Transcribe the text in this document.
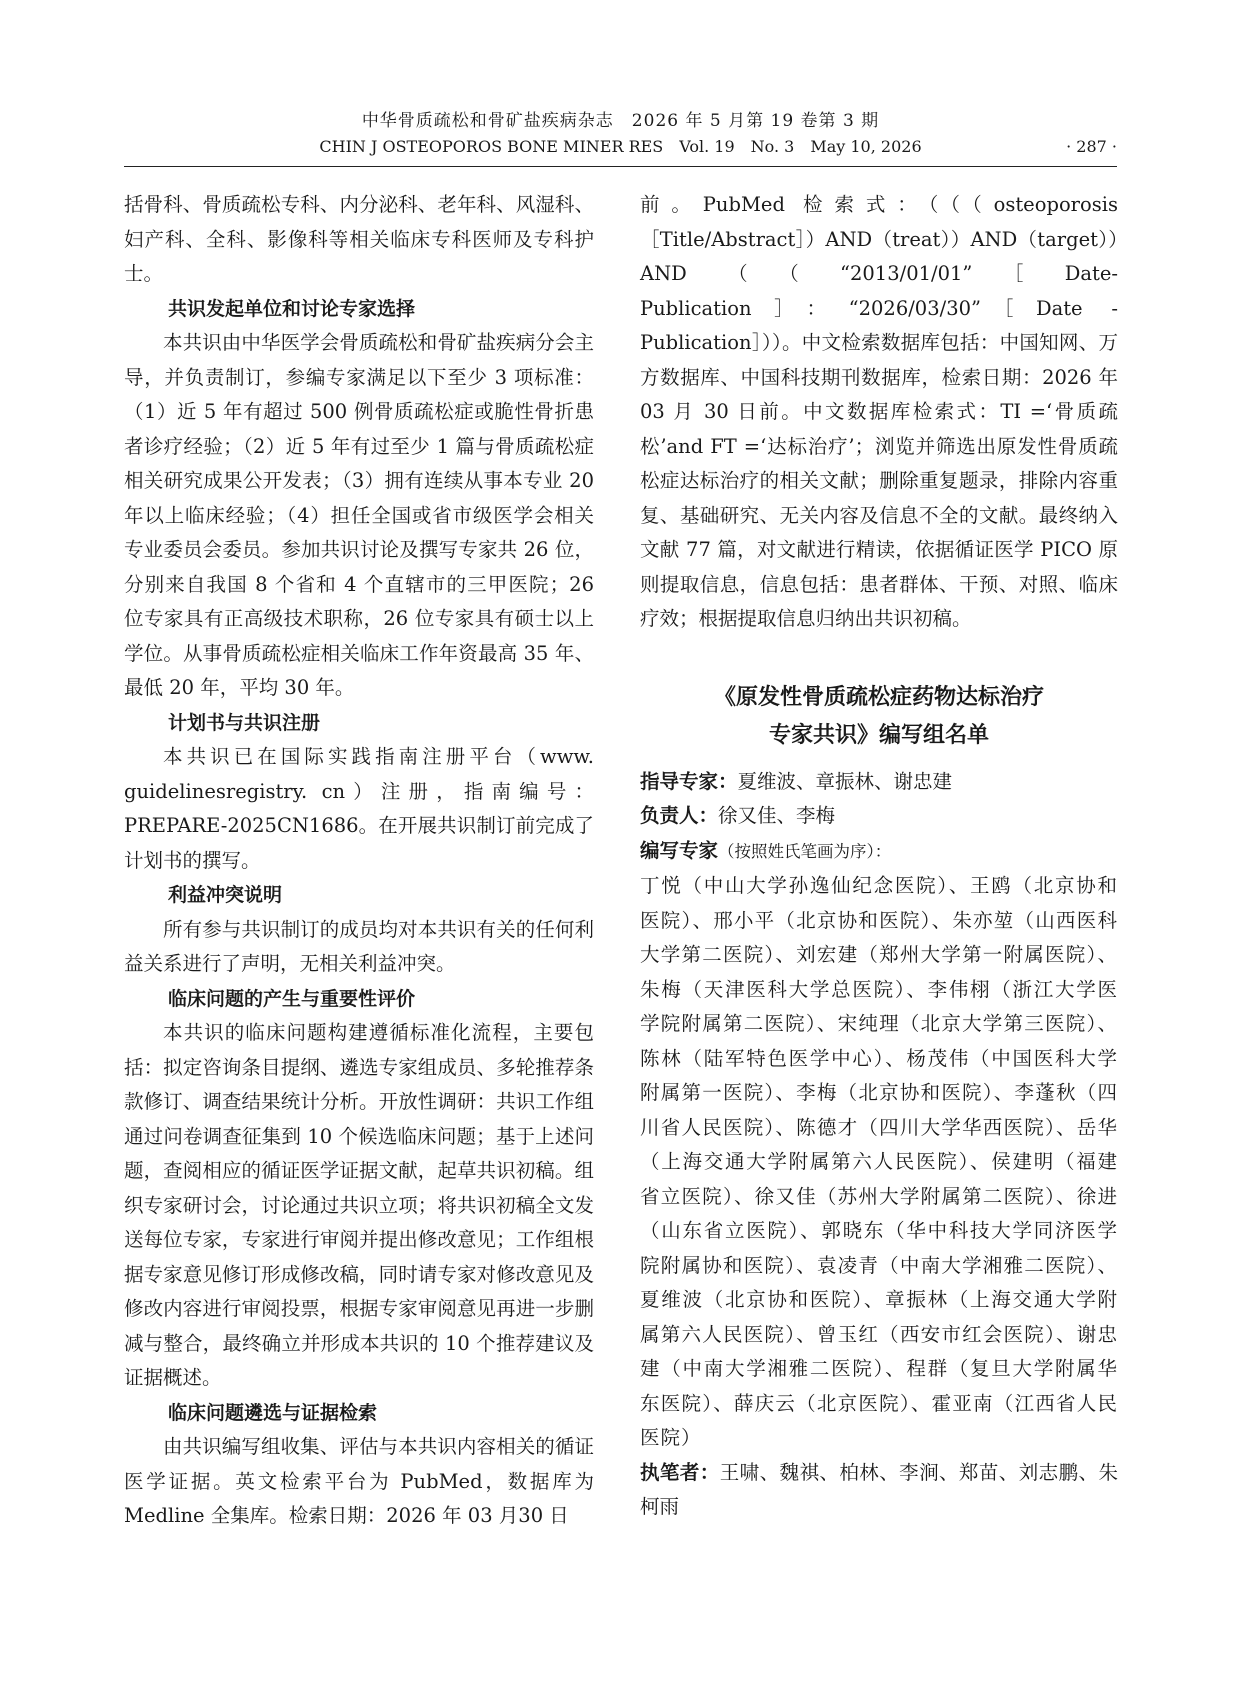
中华骨质疏松和骨矿盐疾病杂志　2026 年 5 月第 19 卷第 3 期
CHIN J OSTEOPOROS BONE MINER RES　Vol. 19　No. 3　May 10, 2026	· 287 ·

括骨科、骨质疏松专科、内分泌科、老年科、风湿科、妇产科、全科、影像科等相关临床专科医师及专科护士。

共识发起单位和讨论专家选择

本共识由中华医学会骨质疏松和骨矿盐疾病分会主导，并负责制订，参编专家满足以下至少 3 项标准：（1）近 5 年有超过 500 例骨质疏松症或脆性骨折患者诊疗经验；（2）近 5 年有过至少 1 篇与骨质疏松症相关研究成果公开发表；（3）拥有连续从事本专业 20 年以上临床经验；（4）担任全国或省市级医学会相关专业委员会委员。参加共识讨论及撰写专家共 26 位，分别来自我国 8 个省和 4 个直辖市的三甲医院；26 位专家具有正高级技术职称，26 位专家具有硕士以上学位。从事骨质疏松症相关临床工作年资最高 35 年、最低 20 年，平均 30 年。

计划书与共识注册

本共识已在国际实践指南注册平台（www. guidelinesregistry. cn）注册，指南编号：PREPARE-2025CN1686。在开展共识制订前完成了计划书的撰写。

利益冲突说明

所有参与共识制订的成员均对本共识有关的任何利益关系进行了声明，无相关利益冲突。

临床问题的产生与重要性评价

本共识的临床问题构建遵循标准化流程，主要包括：拟定咨询条目提纲、遴选专家组成员、多轮推荐条款修订、调查结果统计分析。开放性调研：共识工作组通过问卷调查征集到 10 个候选临床问题；基于上述问题，查阅相应的循证医学证据文献，起草共识初稿。组织专家研讨会，讨论通过共识立项；将共识初稿全文发送每位专家，专家进行审阅并提出修改意见；工作组根据专家意见修订形成修改稿，同时请专家对修改意见及修改内容进行审阅投票，根据专家审阅意见再进一步删减与整合，最终确立并形成本共识的 10 个推荐建议及证据概述。

临床问题遴选与证据检索

由共识编写组收集、评估与本共识内容相关的循证医学证据。英文检索平台为 PubMed，数据库为 Medline 全集库。检索日期：2026 年 03 月30 日

前。PubMed 检索式：（（（osteoporosis［Title/Abstract］）AND（treat））AND（target））AND（（“2013/01/01”［Date-Publication］：“2026/03/30”［Date - Publication］））。中文检索数据库包括：中国知网、万方数据库、中国科技期刊数据库，检索日期：2026 年 03 月 30 日前。中文数据库检索式：TI =‘骨质疏松’and FT =‘达标治疗’；浏览并筛选出原发性骨质疏松症达标治疗的相关文献；删除重复题录，排除内容重复、基础研究、无关内容及信息不全的文献。最终纳入文献 77 篇，对文献进行精读，依据循证医学 PICO 原则提取信息，信息包括：患者群体、干预、对照、临床疗效；根据提取信息归纳出共识初稿。

《原发性骨质疏松症药物达标治疗
专家共识》编写组名单

指导专家：夏维波、章振林、谢忠建

负责人：徐又佳、李梅

编写专家（按照姓氏笔画为序）：

丁悦（中山大学孙逸仙纪念医院）、王鸥（北京协和医院）、邢小平（北京协和医院）、朱亦堃（山西医科大学第二医院）、刘宏建（郑州大学第一附属医院）、朱梅（天津医科大学总医院）、李伟栩（浙江大学医学院附属第二医院）、宋纯理（北京大学第三医院）、陈林（陆军特色医学中心）、杨茂伟（中国医科大学附属第一医院）、李梅（北京协和医院）、李蓬秋（四川省人民医院）、陈德才（四川大学华西医院）、岳华（上海交通大学附属第六人民医院）、侯建明（福建省立医院）、徐又佳（苏州大学附属第二医院）、徐进（山东省立医院）、郭晓东（华中科技大学同济医学院附属协和医院）、袁凌青（中南大学湘雅二医院）、夏维波（北京协和医院）、章振林（上海交通大学附属第六人民医院）、曾玉红（西安市红会医院）、谢忠建（中南大学湘雅二医院）、程群（复旦大学附属华东医院）、薛庆云（北京医院）、霍亚南（江西省人民医院）

执笔者：王啸、魏祺、柏林、李涧、郑苗、刘志鹏、朱柯雨
